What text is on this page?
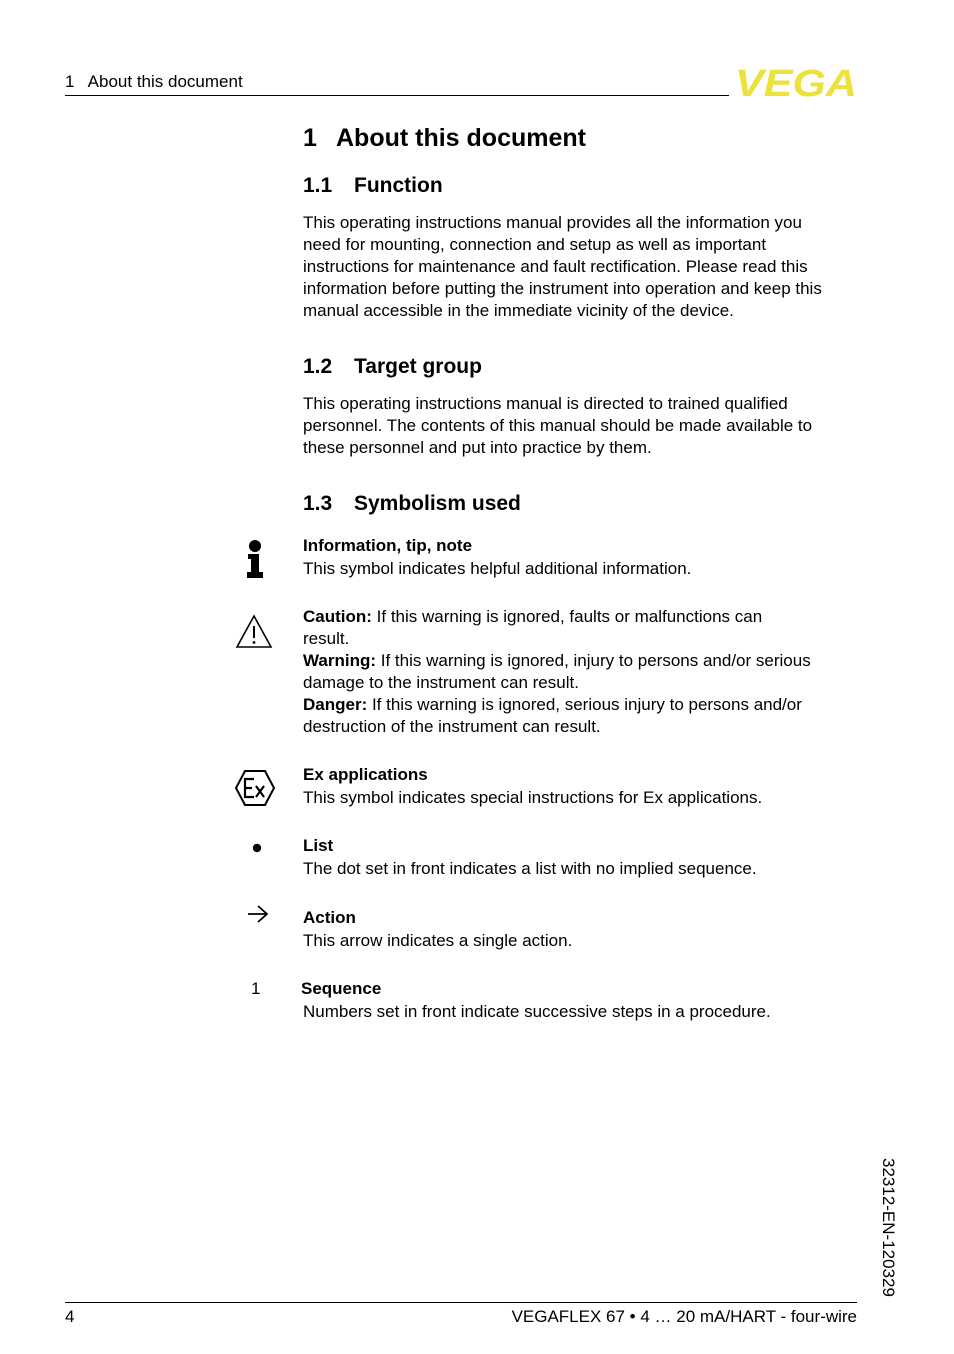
1   About this document	VEGA
1 About this document
1.1 Function
This operating instructions manual provides all the information you
need for mounting, connection and setup as well as important
instructions for maintenance and fault rectification. Please read this
information before putting the instrument into operation and keep this
manual accessible in the immediate vicinity of the device.
1.2 Target group
This operating instructions manual is directed to trained qualified
personnel. The contents of this manual should be made available to
these personnel and put into practice by them.
1.3 Symbolism used
Information, tip, note
This symbol indicates helpful additional information.
Caution: If this warning is ignored, faults or malfunctions can
result.
Warning: If this warning is ignored, injury to persons and/or serious
damage to the instrument can result.
Danger: If this warning is ignored, serious injury to persons and/or
destruction of the instrument can result.
Ex applications
This symbol indicates special instructions for Ex applications.
List
The dot set in front indicates a list with no implied sequence.
Action
This arrow indicates a single action.
1 Sequence
Numbers set in front indicate successive steps in a procedure.
32312-EN-120329
4	VEGAFLEX 67 • 4 … 20 mA/HART - four-wire
